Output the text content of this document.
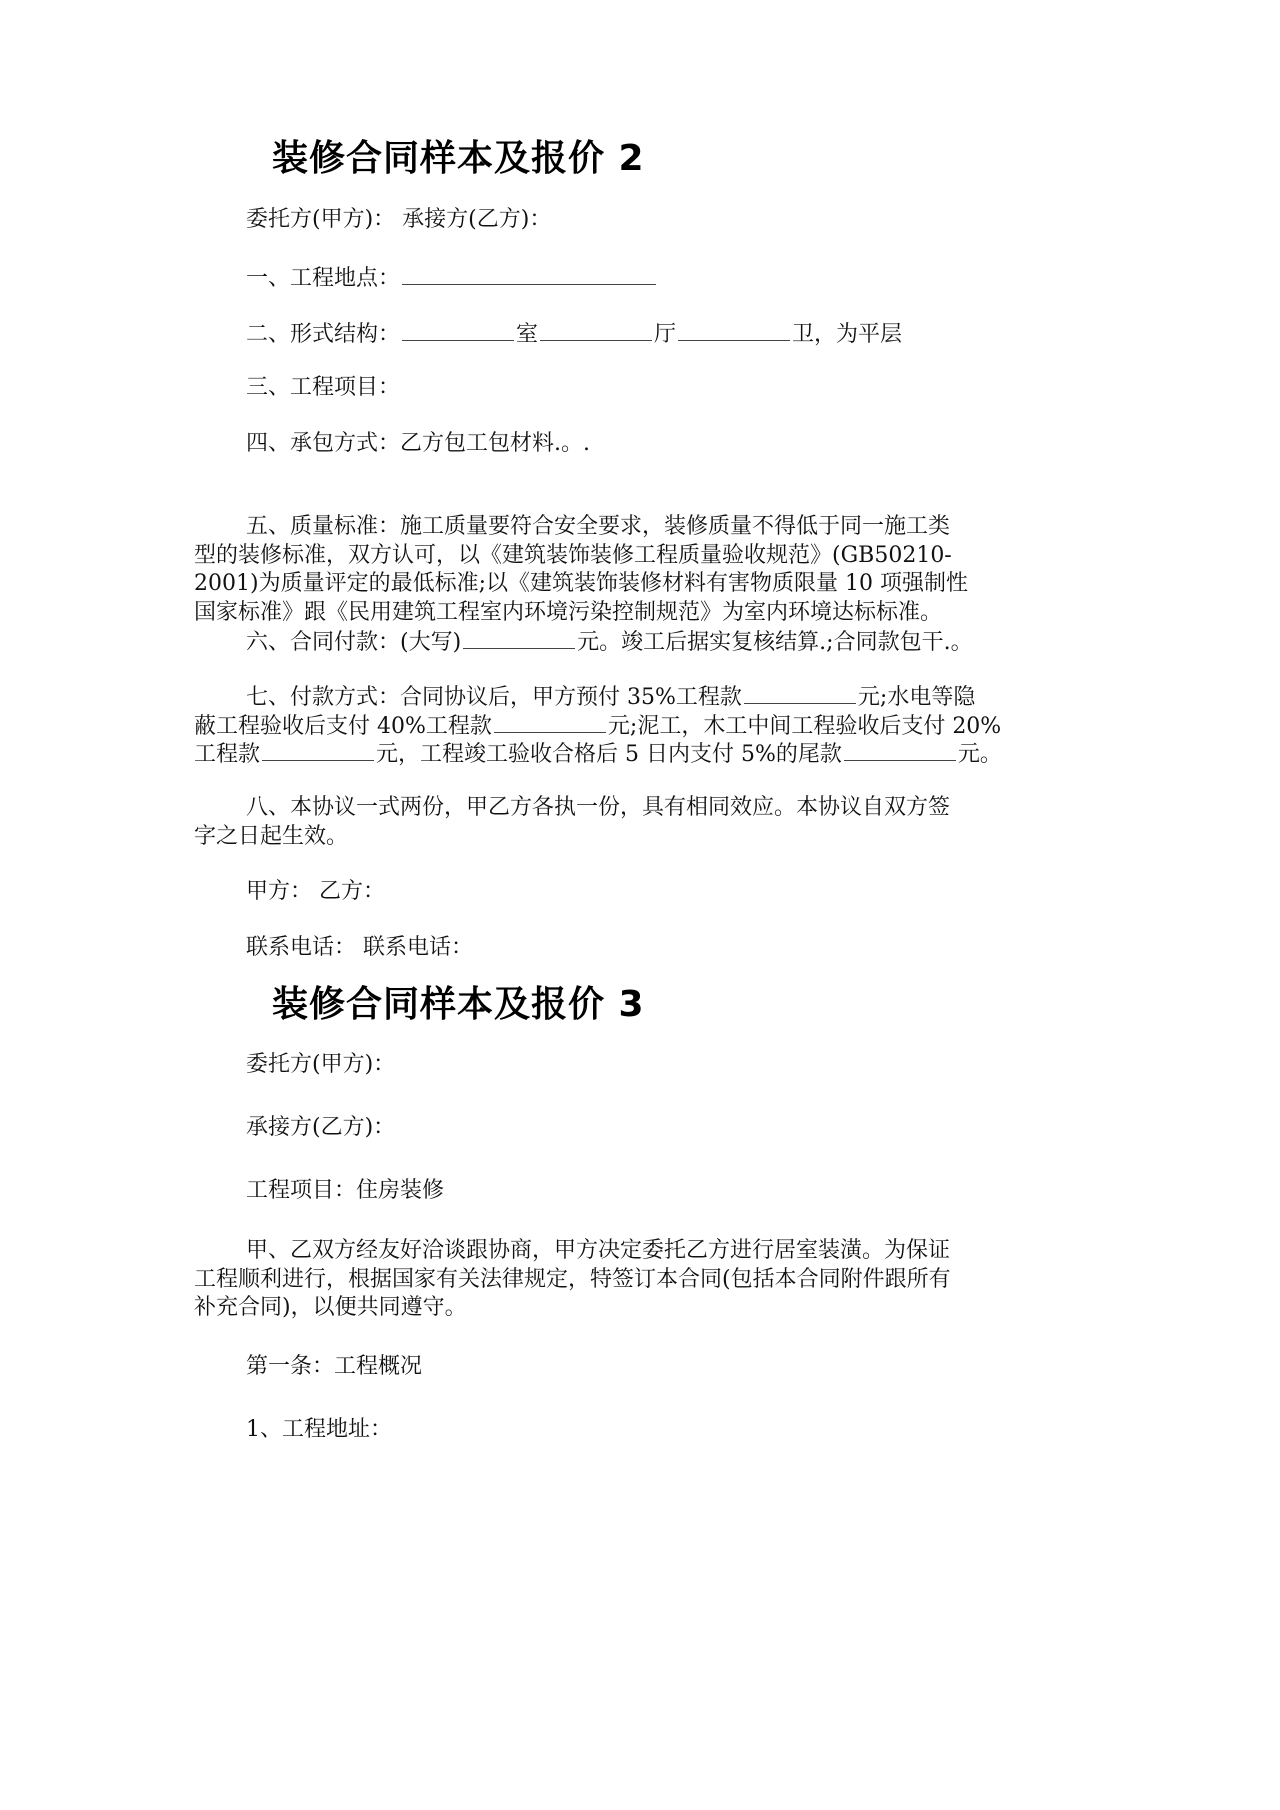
装修合同样本及报价 2

委托方(甲方)： 承接方(乙方)：

一、工程地点：

二、形式结构：	室	厅	卫，为平层

三、工程项目：

四、承包方式：乙方包工包材料.。.

五、质量标准：施工质量要符合安全要求，装修质量不得低于同一施工类

型的装修标准，双方认可，以《建筑装饰装修工程质量验收规范》(GB50210-

2001)为质量评定的最低标准;以《建筑装饰装修材料有害物质限量 10 项强制性

国家标准》跟《民用建筑工程室内环境污染控制规范》为室内环境达标标准。

六、合同付款：(大写)	元。竣工后据实复核结算.;合同款包干.。

七、付款方式：合同协议后，甲方预付 35%工程款	元;水电等隐

蔽工程验收后支付 40%工程款	元;泥工，木工中间工程验收后支付 20%

工程款	元，工程竣工验收合格后 5 日内支付 5%的尾款	元。

八、本协议一式两份，甲乙方各执一份，具有相同效应。本协议自双方签

字之日起生效。

甲方： 乙方：

联系电话： 联系电话：

装修合同样本及报价 3

委托方(甲方)：

承接方(乙方)：

工程项目：住房装修

甲、乙双方经友好洽谈跟协商，甲方决定委托乙方进行居室装潢。为保证

工程顺利进行，根据国家有关法律规定，特签订本合同(包括本合同附件跟所有

补充合同)，以便共同遵守。

第一条：工程概况

1、工程地址：
